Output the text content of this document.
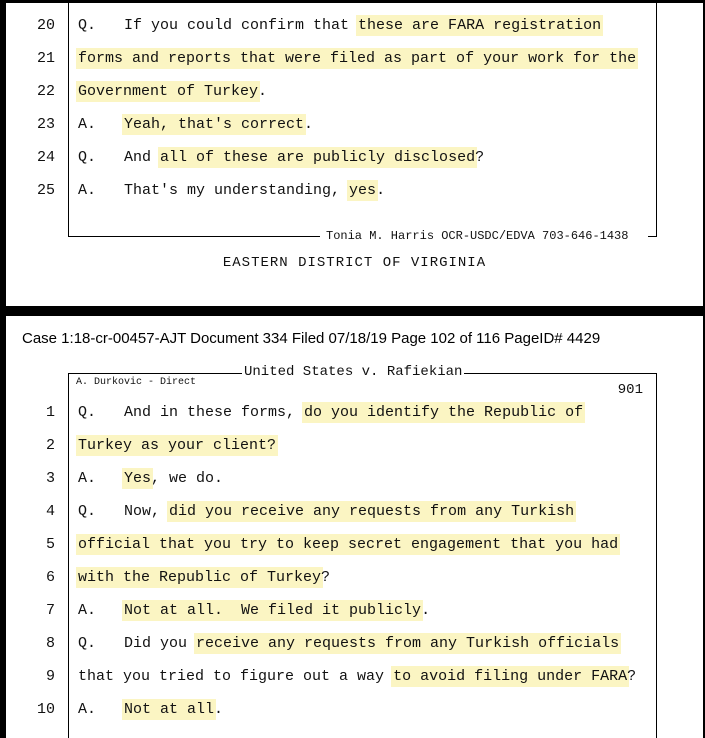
20 Q. If you could confirm that these are FARA registration
21 forms and reports that were filed as part of your work for the
22 Government of Turkey.
23 A. Yeah, that's correct.
24 Q. And all of these are publicly disclosed?
25 A. That's my understanding, yes.
Tonia M. Harris OCR-USDC/EDVA 703-646-1438
EASTERN DISTRICT OF VIRGINIA
Case 1:18-cr-00457-AJT Document 334 Filed 07/18/19 Page 102 of 116 PageID# 4429
United States v. Rafiekian
A. Durkovic - Direct	901
1 Q. And in these forms, do you identify the Republic of
2 Turkey as your client?
3 A. Yes, we do.
4 Q. Now, did you receive any requests from any Turkish
5 official that you try to keep secret engagement that you had
6 with the Republic of Turkey?
7 A. Not at all.  We filed it publicly.
8 Q. Did you receive any requests from any Turkish officials
9 that you tried to figure out a way to avoid filing under FARA?
10 A. Not at all.
